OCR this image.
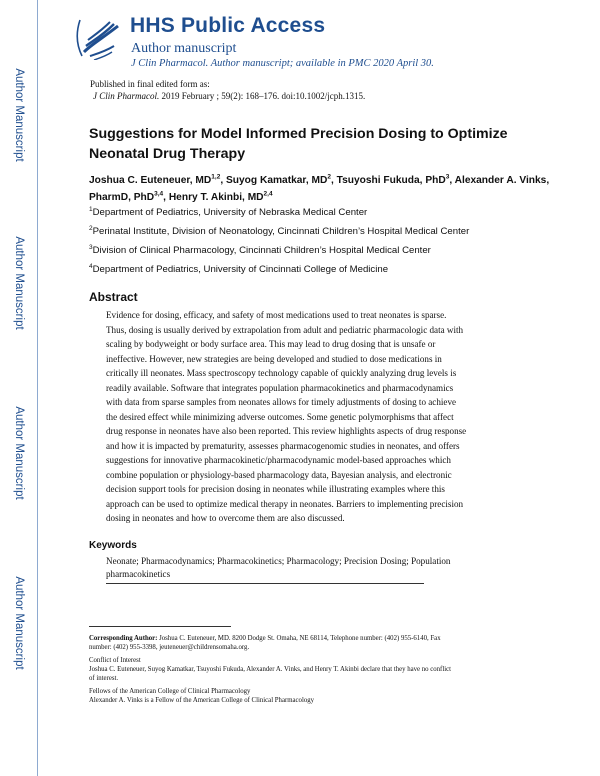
Author Manuscript
Author Manuscript
Author Manuscript
Author Manuscript
HHS Public Access
Author manuscript
J Clin Pharmacol. Author manuscript; available in PMC 2020 April 30.
Published in final edited form as:
J Clin Pharmacol. 2019 February ; 59(2): 168–176. doi:10.1002/jcph.1315.
Suggestions for Model Informed Precision Dosing to Optimize Neonatal Drug Therapy
Joshua C. Euteneuer, MD$^{1,2}$, Suyog Kamatkar, $MD^2$, Tsuyoshi Fukuda, PhD$^3$, Alexander A. Vinks, PharmD, PhD$^{3,4}$, Henry T. Akinbi, MD$^{2,4}$
$^1$Department of Pediatrics, University of Nebraska Medical Center
$^2$Perinatal Institute, Division of Neonatology, Cincinnati Children’s Hospital Medical Center
$^3$Division of Clinical Pharmacology, Cincinnati Children’s Hospital Medical Center
$^4$Department of Pediatrics, University of Cincinnati College of Medicine
Abstract

Evidence for dosing, efficacy, and safety of most medications used to treat neonates is sparse.

Thus, dosing is usually derived by extrapolation from adult and pediatric pharmacologic data with

scaling by bodyweight or body surface area. This may lead to drug dosing that is unsafe or

ineffective. However, new strategies are being developed and studied to dose medications in

critically ill neonates. Mass spectroscopy technology capable of quickly analyzing drug levels is

readily available. Software that integrates population pharmacokinetics and pharmacodynamics

with data from sparse samples from neonates allows for timely adjustments of dosing to achieve

the desired effect while minimizing adverse outcomes. Some genetic polymorphisms that affect

drug response in neonates have also been reported. This review highlights aspects of drug response

and how it is impacted by prematurity, assesses pharmacogenomic studies in neonates, and offers

suggestions for innovative pharmacokinetic/pharmacodynamic model-based approaches which

combine population or physiology-based pharmacology data, Bayesian analysis, and electronic

decision support tools for precision dosing in neonates while illustrating examples where this

approach can be used to optimize medical therapy in neonates. Barriers to implementing precision

dosing in neonates and how to overcome them are also discussed.

Keywords
Neonate; Pharmacodynamics; Pharmacokinetics; Pharmacology; Precision Dosing; Population
pharmacokinetics
Corresponding Author: Joshua C. Euteneuer, MD. 8200 Dodge St. Omaha, NE 68114, Telephone number: (402) 955-6140, Fax
number: (402) 955-3398, jeuteneuer@childrensomaha.org.
Conflict of Interest
Joshua C. Euteneuer, Suyog Kamatkar, Tsuyoshi Fukuda, Alexander A. Vinks, and Henry T. Akinbi declare that they have no conflict
of interest.
Fellows of the American College of Clinical Pharmacology
Alexander A. Vinks is a Fellow of the American College of Clinical Pharmacology
